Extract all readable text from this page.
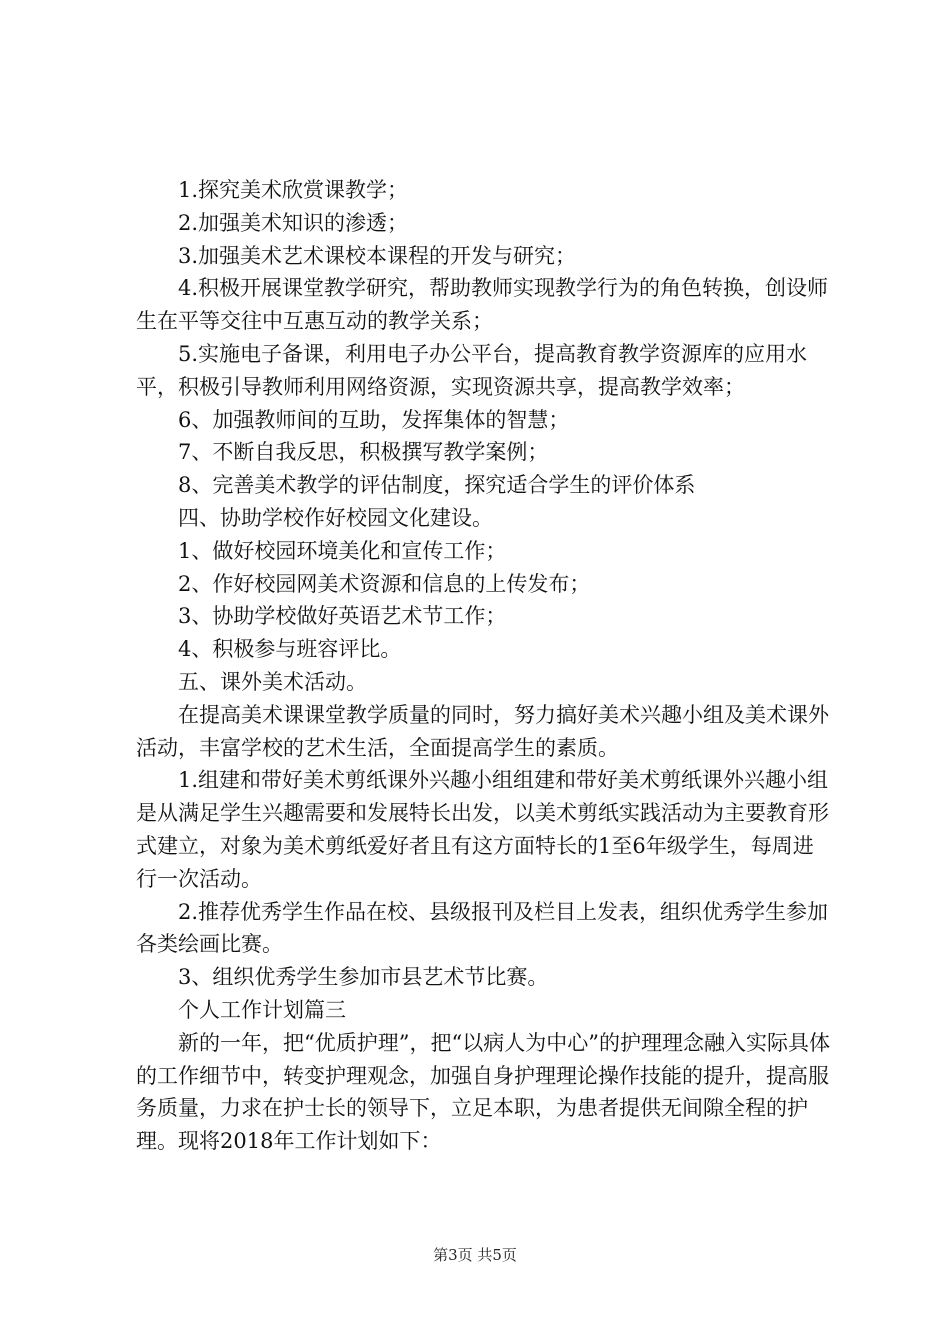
1.探究美术欣赏课教学；

2.加强美术知识的渗透；

3.加强美术艺术课校本课程的开发与研究；

4.积极开展课堂教学研究，帮助教师实现教学行为的角色转换，创设师生在平等交往中互惠互动的教学关系；

5.实施电子备课，利用电子办公平台，提高教育教学资源库的应用水平，积极引导教师利用网络资源，实现资源共享，提高教学效率；

6、加强教师间的互助，发挥集体的智慧；

7、不断自我反思，积极撰写教学案例；

8、完善美术教学的评估制度，探究适合学生的评价体系

四、协助学校作好校园文化建设。

1、做好校园环境美化和宣传工作；

2、作好校园网美术资源和信息的上传发布；

3、协助学校做好英语艺术节工作；

4、积极参与班容评比。

五、课外美术活动。

在提高美术课课堂教学质量的同时，努力搞好美术兴趣小组及美术课外活动，丰富学校的艺术生活，全面提高学生的素质。

1.组建和带好美术剪纸课外兴趣小组组建和带好美术剪纸课外兴趣小组是从满足学生兴趣需要和发展特长出发，以美术剪纸实践活动为主要教育形式建立，对象为美术剪纸爱好者且有这方面特长的1至6年级学生，每周进行一次活动。

2.推荐优秀学生作品在校、县级报刊及栏目上发表，组织优秀学生参加各类绘画比赛。

3、组织优秀学生参加市县艺术节比赛。

个人工作计划篇三

新的一年，把“优质护理”，把“以病人为中心”的护理理念融入实际具体的工作细节中，转变护理观念，加强自身护理理论操作技能的提升，提高服务质量，力求在护士长的领导下，立足本职，为患者提供无间隙全程的护理。现将2018年工作计划如下：

第3页 共5页
